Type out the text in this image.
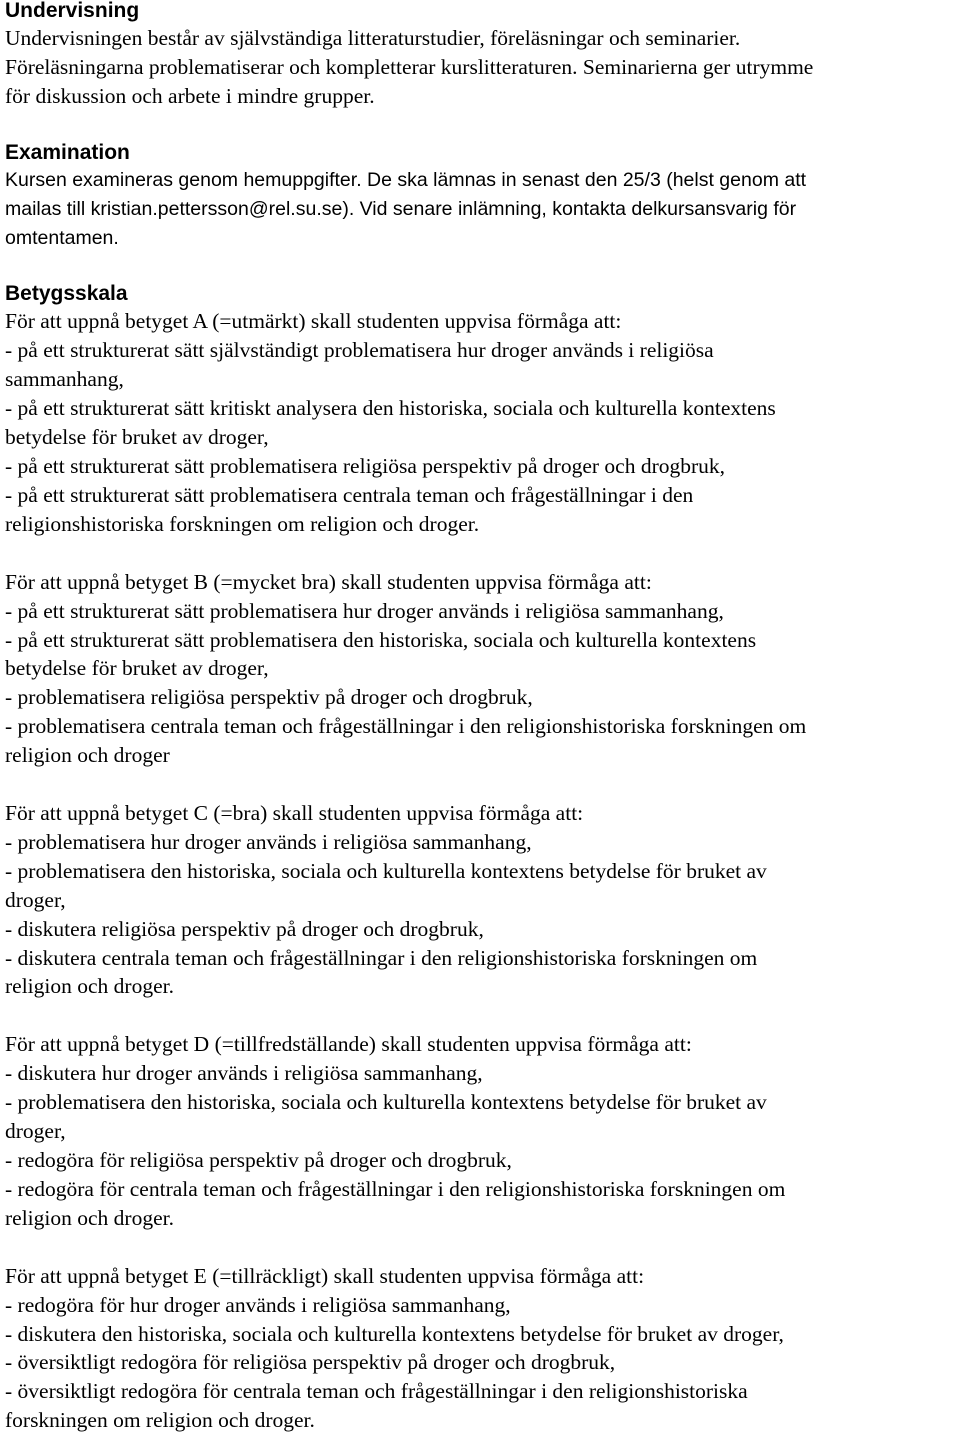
Undervisning

Undervisningen består av självständiga litteraturstudier, föreläsningar och seminarier.
Föreläsningarna problematiserar och kompletterar kurslitteraturen. Seminarierna ger utrymme
för diskussion och arbete i mindre grupper.

Examination

Kursen examineras genom hemuppgifter. De ska lämnas in senast den 25/3 (helst genom att
mailas till kristian.pettersson@rel.su.se). Vid senare inlämning, kontakta delkursansvarig för
omtentamen.

Betygsskala

För att uppnå betyget A (=utmärkt) skall studenten uppvisa förmåga att:
- på ett strukturerat sätt självständigt problematisera hur droger används i religiösa
sammanhang,
- på ett strukturerat sätt kritiskt analysera den historiska, sociala och kulturella kontextens
betydelse för bruket av droger,
- på ett strukturerat sätt problematisera religiösa perspektiv på droger och drogbruk,
- på ett strukturerat sätt problematisera centrala teman och frågeställningar i den
religionshistoriska forskningen om religion och droger.

För att uppnå betyget B (=mycket bra) skall studenten uppvisa förmåga att:
- på ett strukturerat sätt problematisera hur droger används i religiösa sammanhang,
- på ett strukturerat sätt problematisera den historiska, sociala och kulturella kontextens
betydelse för bruket av droger,
- problematisera religiösa perspektiv på droger och drogbruk,
- problematisera centrala teman och frågeställningar i den religionshistoriska forskningen om
religion och droger

För att uppnå betyget C (=bra) skall studenten uppvisa förmåga att:
- problematisera hur droger används i religiösa sammanhang,
- problematisera den historiska, sociala och kulturella kontextens betydelse för bruket av
droger,
- diskutera religiösa perspektiv på droger och drogbruk,
- diskutera centrala teman och frågeställningar i den religionshistoriska forskningen om
religion och droger.

För att uppnå betyget D (=tillfredställande) skall studenten uppvisa förmåga att:
- diskutera hur droger används i religiösa sammanhang,
- problematisera den historiska, sociala och kulturella kontextens betydelse för bruket av
droger,
- redogöra för religiösa perspektiv på droger och drogbruk,
- redogöra för centrala teman och frågeställningar i den religionshistoriska forskningen om
religion och droger.

För att uppnå betyget E (=tillräckligt) skall studenten uppvisa förmåga att:
- redogöra för hur droger används i religiösa sammanhang,
- diskutera den historiska, sociala och kulturella kontextens betydelse för bruket av droger,
- översiktligt redogöra för religiösa perspektiv på droger och drogbruk,
- översiktligt redogöra för centrala teman och frågeställningar i den religionshistoriska
forskningen om religion och droger.
